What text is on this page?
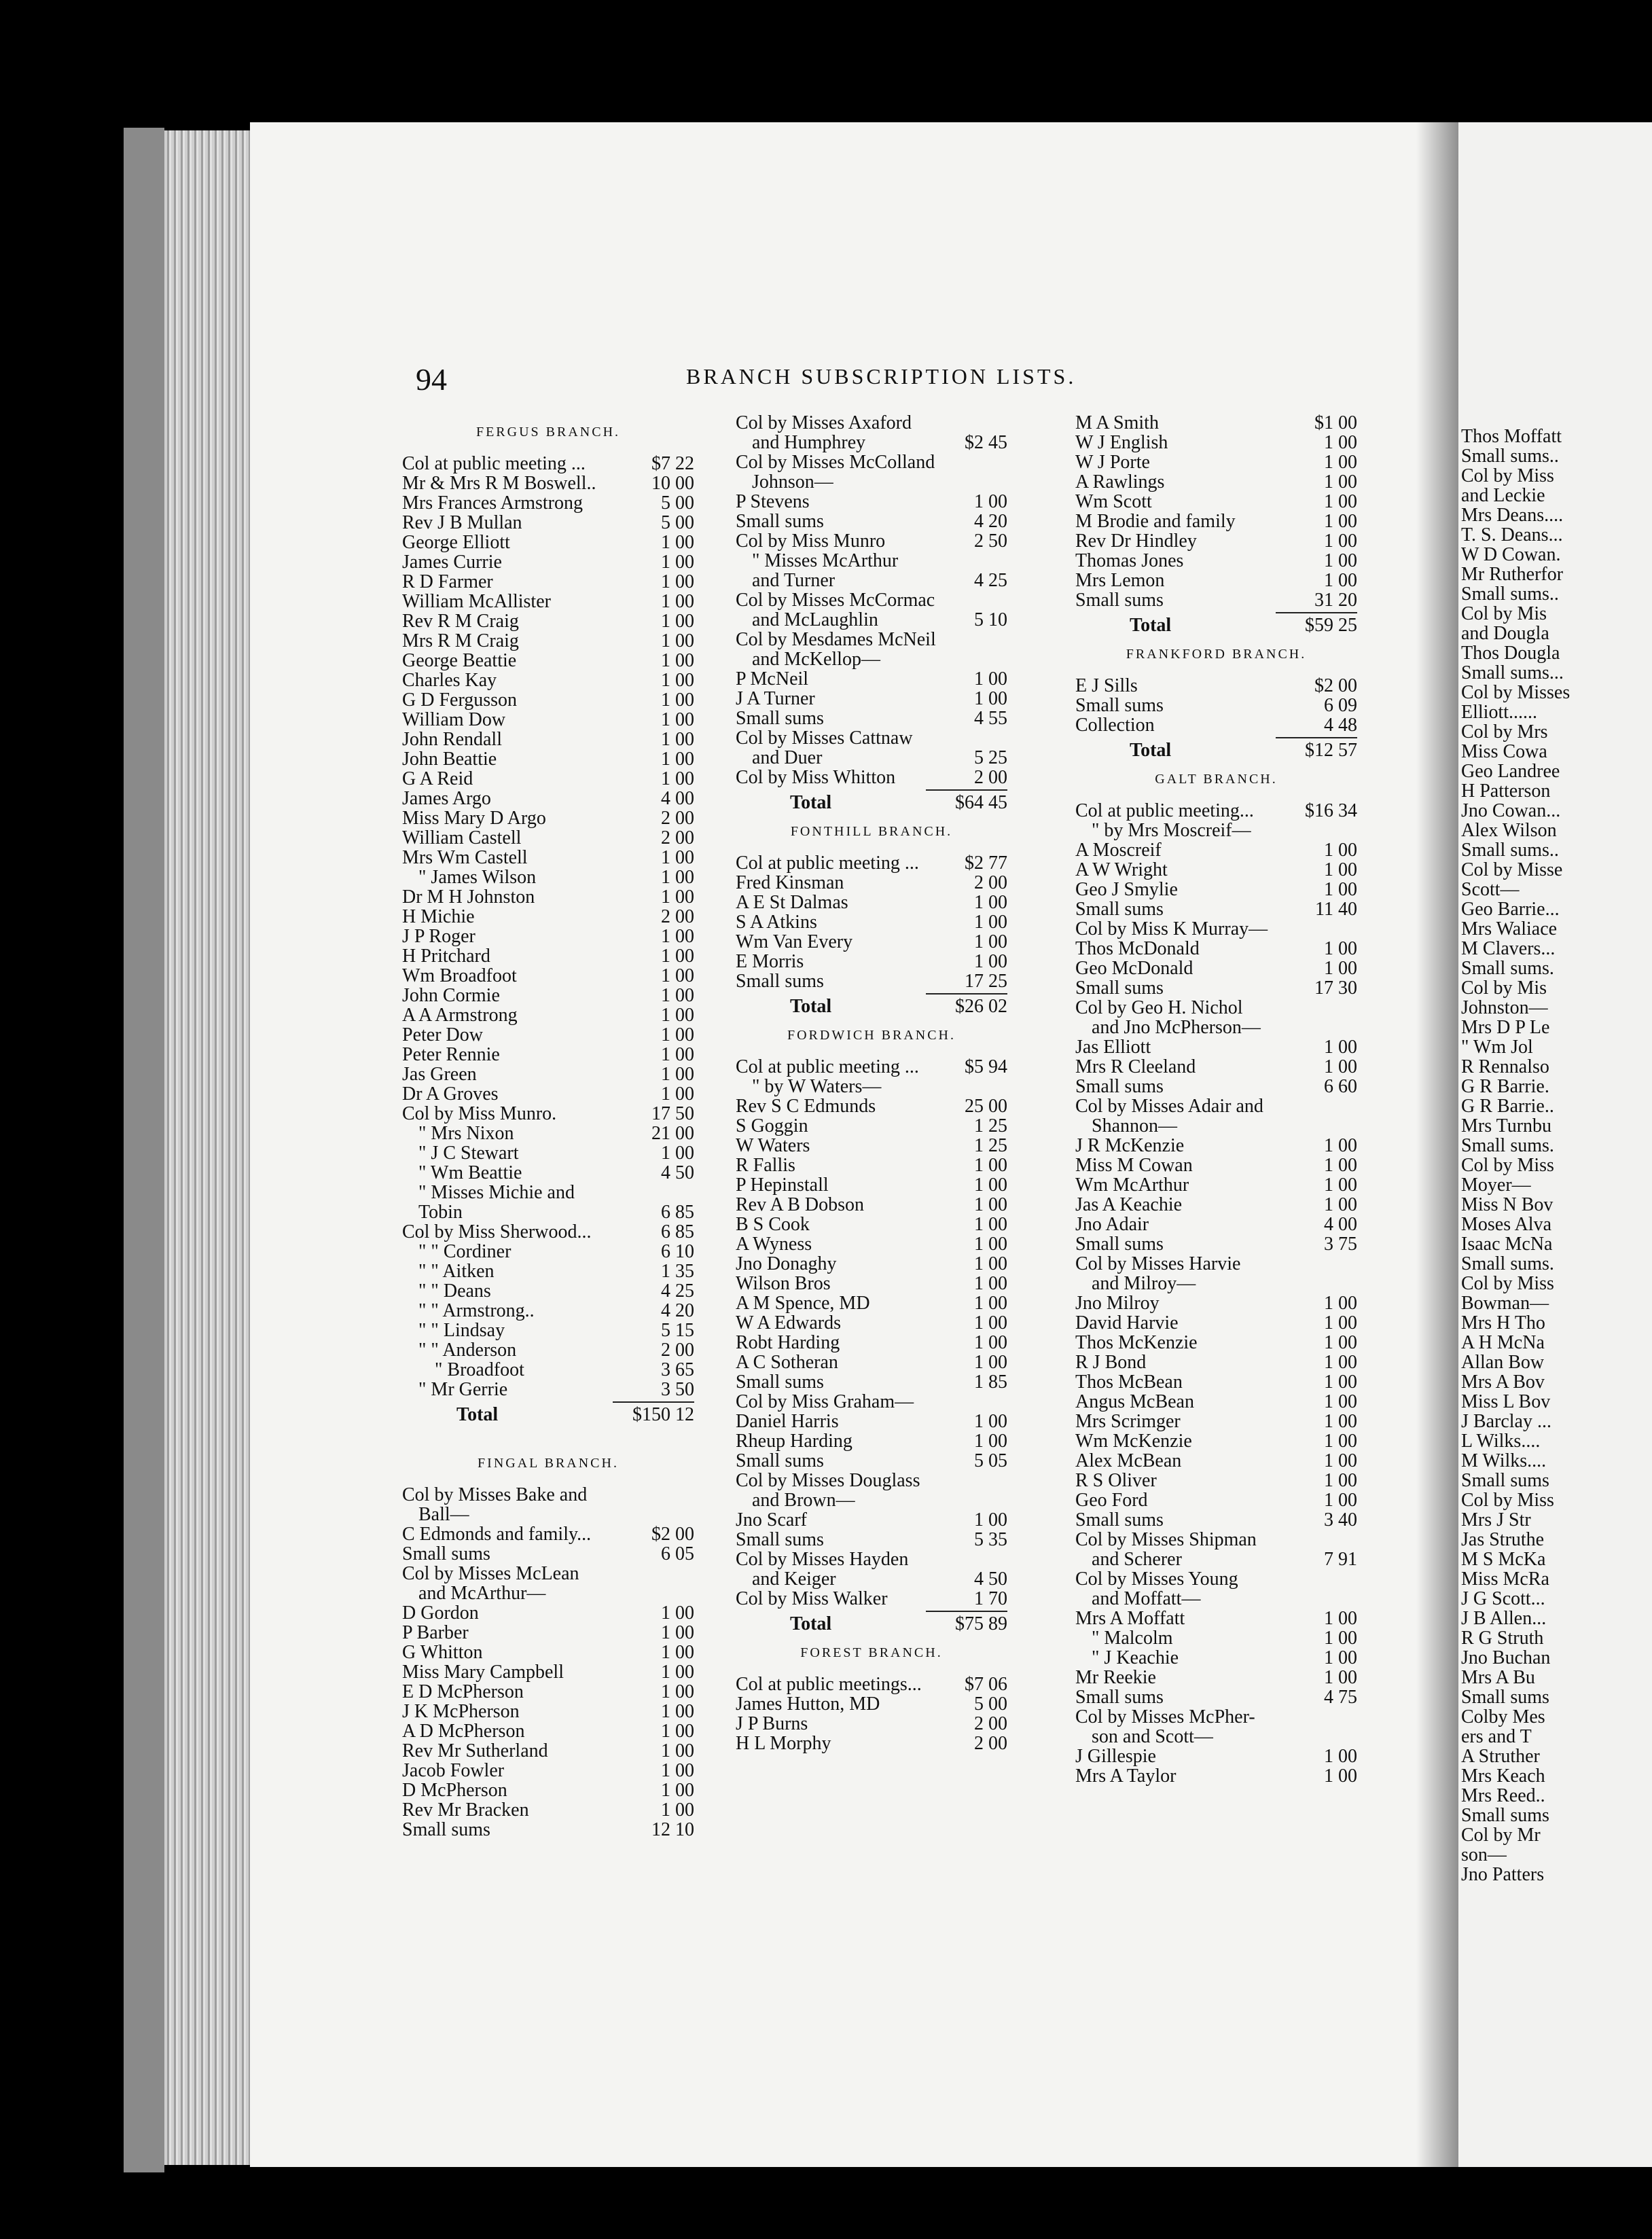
94	BRANCH SUBSCRIPTION LISTS.
FERGUS BRANCH.
Col at public meeting ...	$7 22
Mr & Mrs R M Boswell..	10 00
Mrs Frances Armstrong	5 00
Rev J B Mullan	5 00
George Elliott	1 00
James Currie	1 00
R D Farmer	1 00
William McAllister	1 00
Rev R M Craig	1 00
Mrs R M Craig	1 00
George Beattie	1 00
Charles Kay	1 00
G D Fergusson	1 00
William Dow	1 00
John Rendall	1 00
John Beattie	1 00
G A Reid	1 00
James Argo	4 00
Miss Mary D Argo	2 00
William Castell	2 00
Mrs Wm Castell	1 00
" James Wilson	1 00
Dr M H Johnston	1 00
H Michie	2 00
J P Roger	1 00
H Pritchard	1 00
Wm Broadfoot	1 00
John Cormie	1 00
A A Armstrong	1 00
Peter Dow	1 00
Peter Rennie	1 00
Jas Green	1 00
Dr A Groves	1 00
Col by Miss Munro.	17 50
" Mrs Nixon	21 00
" J C Stewart	1 00
" Wm Beattie	4 50
" Misses Michie and
Tobin	6 85
Col by Miss Sherwood...	6 85
" " Cordiner	6 10
" " Aitken	1 35
" " Deans	4 25
" " Armstrong..	4 20
" " Lindsay	5 15
" " Anderson	2 00
" Broadfoot	3 65
" Mr Gerrie	3 50
Total	$150 12
FINGAL BRANCH.
Col by Misses Bake and
Ball—
C Edmonds and family...	$2 00
Small sums	6 05
Col by Misses McLean
and McArthur—
D Gordon	1 00
P Barber	1 00
G Whitton	1 00
Miss Mary Campbell	1 00
E D McPherson	1 00
J K McPherson	1 00
A D McPherson	1 00
Rev Mr Sutherland	1 00
Jacob Fowler	1 00
D McPherson	1 00
Rev Mr Bracken	1 00
Small sums	12 10
Col by Misses Axaford
and Humphrey	$2 45
Col by Misses McColland
Johnson—
P Stevens	1 00
Small sums	4 20
Col by Miss Munro	2 50
" Misses McArthur
and Turner	4 25
Col by Misses McCormac
and McLaughlin	5 10
Col by Mesdames McNeil
and McKellop—
P McNeil	1 00
J A Turner	1 00
Small sums	4 55
Col by Misses Cattnaw
and Duer	5 25
Col by Miss Whitton	2 00
Total	$64 45
FONTHILL BRANCH.
Col at public meeting ... $2 77
Fred Kinsman	2 00
A E St Dalmas	1 00
S A Atkins	1 00
Wm Van Every	1 00
E Morris	1 00
Small sums	17 25
Total	$26 02
FORDWICH BRANCH.
Col at public meeting ... $5 94
" by W Waters—
Rev S C Edmunds	25 00
S Goggin	1 25
W Waters	1 25
R Fallis	1 00
P Hepinstall	1 00
Rev A B Dobson	1 00
B S Cook	1 00
A Wyness	1 00
Jno Donaghy	1 00
Wilson Bros	1 00
A M Spence, MD	1 00
W A Edwards	1 00
Robt Harding	1 00
A C Sotheran	1 00
Small sums	1 85
Col by Miss Graham—
Daniel Harris	1 00
Rheup Harding	1 00
Small sums	5 05
Col by Misses Douglass
and Brown—
Jno Scarf	1 00
Small sums	5 35
Col by Misses Hayden
and Keiger	4 50
Col by Miss Walker	1 70
Total	$75 89
FOREST BRANCH.
Col at public meetings... $7 06
James Hutton, MD	5 00
J P Burns	2 00
H L Morphy	2 00
M A Smith	$1 00
W J English	1 00
W J Porte	1 00
A Rawlings	1 00
Wm Scott	1 00
M Brodie and family	1 00
Rev Dr Hindley	1 00
Thomas Jones	1 00
Mrs Lemon	1 00
Small sums	31 20
Total	$59 25
FRANKFORD BRANCH.
E J Sills	$2 00
Small sums	6 09
Collection	4 48
Total	$12 57
GALT BRANCH.
Col at public meeting...	$16 34
" by Mrs Moscreif—
A Moscreif	1 00
A W Wright	1 00
Geo J Smylie	1 00
Small sums	11 40
Col by Miss K Murray—
Thos McDonald	1 00
Geo McDonald	1 00
Small sums	17 30
Col by Geo H. Nichol
and Jno McPherson—
Jas Elliott	1 00
Mrs R Cleeland	1 00
Small sums	6 60
Col by Misses Adair and
Shannon—
J R McKenzie	1 00
Miss M Cowan	1 00
Wm McArthur	1 00
Jas A Keachie	1 00
Jno Adair	4 00
Small sums	3 75
Col by Misses Harvie
and Milroy—
Jno Milroy	1 00
David Harvie	1 00
Thos McKenzie	1 00
R J Bond	1 00
Thos McBean	1 00
Angus McBean	1 00
Mrs Scrimger	1 00
Wm McKenzie	1 00
Alex McBean	1 00
R S Oliver	1 00
Geo Ford	1 00
Small sums	3 40
Col by Misses Shipman
and Scherer	7 91
Col by Misses Young
and Moffatt—
Mrs A Moffatt	1 00
" Malcolm	1 00
" J Keachie	1 00
Mr Reekie	1 00
Small sums	4 75
Col by Misses McPher-
son and Scott—
J Gillespie	1 00
Mrs A Taylor	1 00
Thos Moffatt
Small sums..
Col by Miss
and Leckie
Mrs Deans....
T. S. Deans...
W D Cowan.
Mr Rutherfor
Small sums..
Col by Mis
and Dougla
Thos Dougla
Small sums...
Col by Misses
Elliott......
Col by Mrs
Miss Cowa
Geo Landree
H Patterson
Jno Cowan...
Alex Wilson
Small sums..
Col by Misse
Scott—
Geo Barrie...
Mrs Waliace
M Clavers...
Small sums.
Col by Mis
Johnston—
Mrs D P Le
" Wm Jol
R Rennalso
G R Barrie.
G R Barrie..
Mrs Turnbu
Small sums.
Col by Miss
Moyer—
Miss N Bov
Moses Alva
Isaac McNa
Small sums.
Col by Miss
Bowman—
Mrs H Tho
A H McNa
Allan Bow
Mrs A Bov
Miss L Bov
J Barclay ...
L Wilks....
M Wilks....
Small sums
Col by Miss
Mrs J Str
Jas Struthe
M S McKa
Miss McRa
J G Scott...
J B Allen...
R G Struth
Jno Buchan
Mrs A Bu
Small sums
Colby Mes
ers and T
A Struther
Mrs Keach
Mrs Reed..
Small sums
Col by Mr
son—
Jno Patters
